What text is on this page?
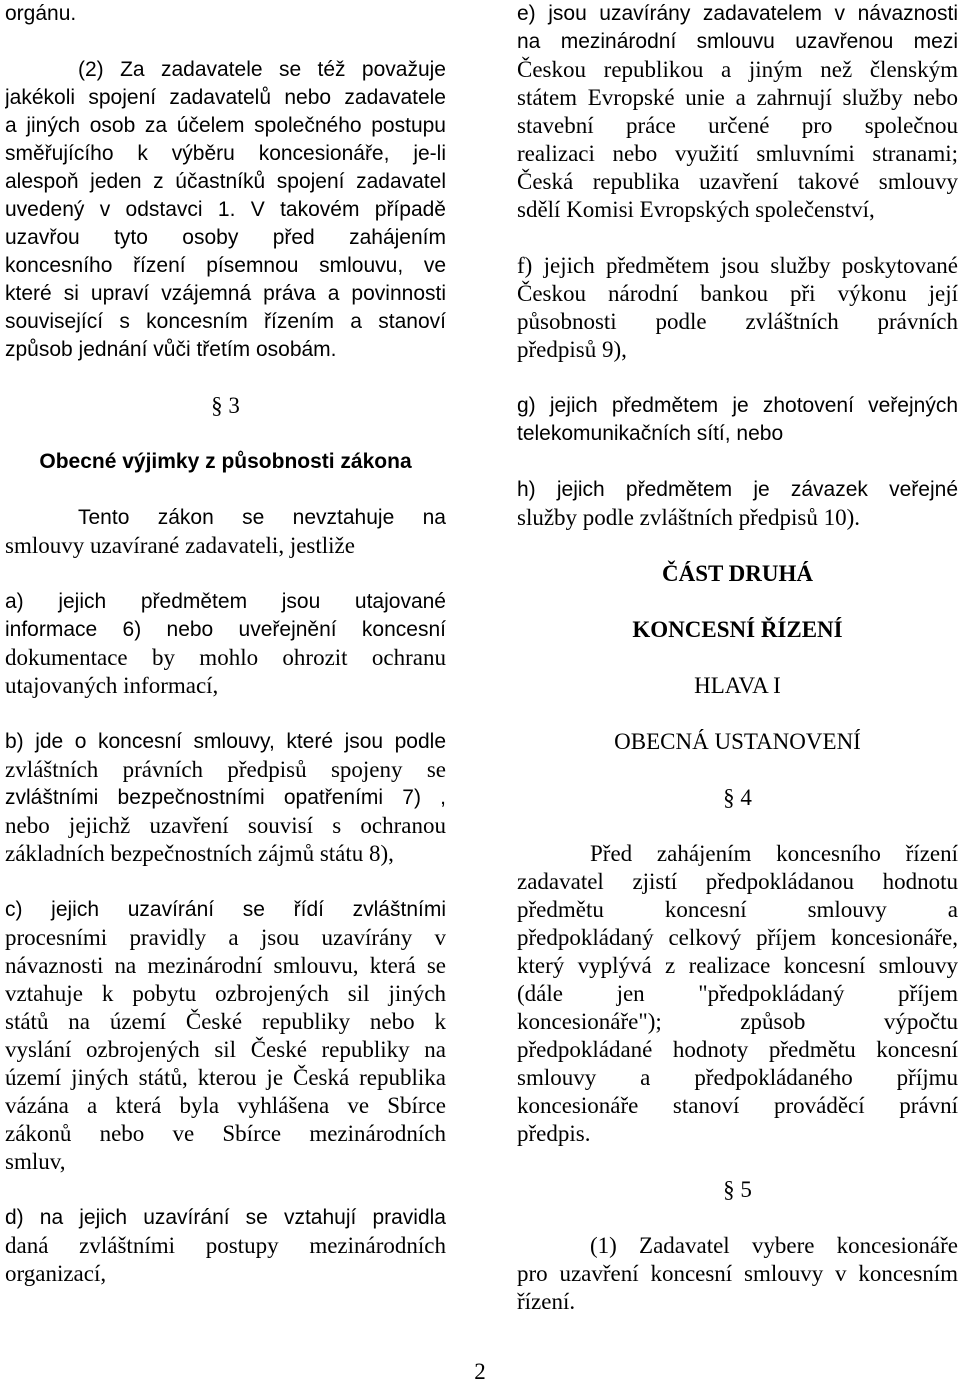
orgánu.
(2) Za zadavatele se též považuje
jakékoli spojení zadavatelů nebo zadavatele
a jiných osob za účelem společného postupu
směřujícího k výběru koncesionáře, je-li
alespoň jeden z účastníků spojení zadavatel
uvedený v odstavci 1. V takovém případě
uzavřou tyto osoby před zahájením
koncesního řízení písemnou smlouvu, ve
které si upraví vzájemná práva a povinnosti
související s koncesním řízením a stanoví
způsob jednání vůči třetím osobám.
§ 3
Obecné výjimky z působnosti zákona
Tento zákon se nevztahuje na
smlouvy uzavírané zadavateli, jestliže
a) jejich předmětem jsou utajované
informace 6) nebo uveřejnění koncesní
dokumentace by mohlo ohrozit ochranu
utajovaných informací,
b) jde o koncesní smlouvy, které jsou podle
zvláštních právních předpisů spojeny se
zvláštními bezpečnostními opatřeními 7) ,
nebo jejichž uzavření souvisí s ochranou
základních bezpečnostních zájmů státu 8),
c) jejich uzavírání se řídí zvláštními
procesními pravidly a jsou uzavírány v
návaznosti na mezinárodní smlouvu, která se
vztahuje k pobytu ozbrojených sil jiných
států na území České republiky nebo k
vyslání ozbrojených sil České republiky na
území jiných států, kterou je Česká republika
vázána a která byla vyhlášena ve Sbírce
zákonů nebo ve Sbírce mezinárodních
smluv,
d) na jejich uzavírání se vztahují pravidla
daná zvláštními postupy mezinárodních
organizací,
e) jsou uzavírány zadavatelem v návaznosti
na mezinárodní smlouvu uzavřenou mezi
Českou republikou a jiným než členským
státem Evropské unie a zahrnují služby nebo
stavební práce určené pro společnou
realizaci nebo využití smluvními stranami;
Česká republika uzavření takové smlouvy
sdělí Komisi Evropských společenství,
f) jejich předmětem jsou služby poskytované
Českou národní bankou při výkonu její
působnosti podle zvláštních právních
předpisů 9),
g) jejich předmětem je zhotovení veřejných
telekomunikačních sítí, nebo
h) jejich předmětem je závazek veřejné
služby podle zvláštních předpisů 10).
ČÁST DRUHÁ
KONCESNÍ ŘÍZENÍ
HLAVA I
OBECNÁ USTANOVENÍ
§ 4
Před zahájením koncesního řízení
zadavatel zjistí předpokládanou hodnotu
předmětu koncesní smlouvy a
předpokládaný celkový příjem koncesionáře,
který vyplývá z realizace koncesní smlouvy
(dále jen "předpokládaný příjem
koncesionáře"); způsob výpočtu
předpokládané hodnoty předmětu koncesní
smlouvy a předpokládaného příjmu
koncesionáře stanoví prováděcí právní
předpis.
§ 5
(1) Zadavatel vybere koncesionáře
pro uzavření koncesní smlouvy v koncesním
řízení.
2
